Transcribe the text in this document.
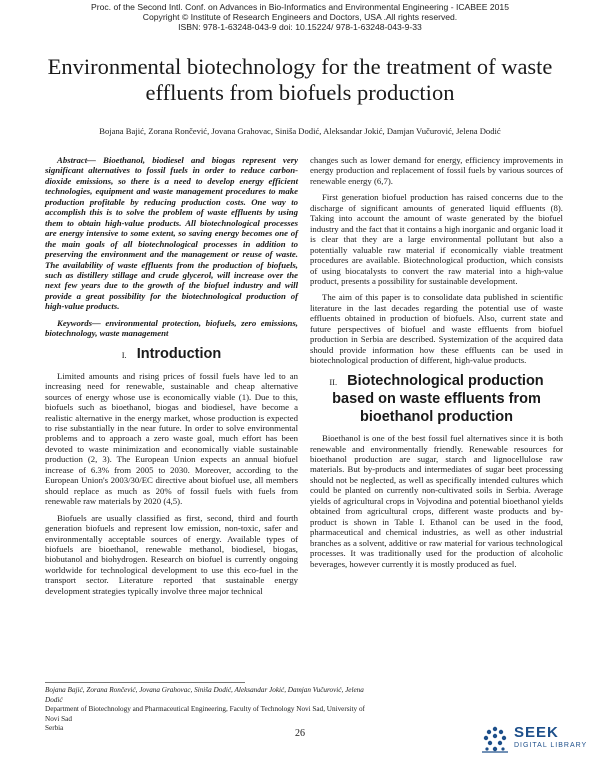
Proc. of the Second Intl. Conf. on Advances in Bio-Informatics and Environmental Engineering - ICABEE 2015
Copyright © Institute of Research Engineers and Doctors, USA .All rights reserved.
ISBN: 978-1-63248-043-9 doi: 10.15224/ 978-1-63248-043-9-33
Environmental biotechnology for the treatment of waste effluents from biofuels production
Bojana Bajić, Zorana Rončević, Jovana Grahovac, Siniša Dodić, Aleksandar Jokić, Damjan Vučurović, Jelena Dodić

Abstract— Bioethanol, biodiesel and biogas represent very significant alternatives to fossil fuels in order to reduce carbon-dioxide emissions, so there is a need to develop energy efficient technologies, equipment and waste management procedures to make production profitable by reducing production costs. One way to accomplish this is to solve the problem of waste effluents by using them to obtain high-value products. All biotechnological processes are energy intensive to some extent, so saving energy becomes one of the main goals of all biotechnological processes in addition to preserving the environment and the management or reuse of waste. The availability of waste effluents from the production of biofuels, such as distillery stillage and crude glycerol, will increase over the next few years due to the growth of the biofuel industry and will provide a great possibility for the biotechnological production of high-value products.

Keywords— environmental protection, biofuels, zero emissions, biotechnology, waste management

I. Introduction

Limited amounts and rising prices of fossil fuels have led to an increasing need for renewable, sustainable and cheap alternative sources of energy whose use is economically viable (1). Due to this, biofuels such as bioethanol, biogas and biodiesel, have become a realistic alternative in the energy market, whose production is expected to rise substantially in the near future. In order to solve environmental problems and to approach a zero waste goal, much effort has been devoted to waste minimization and economically viable sustainable production (2, 3). The European Union expects an annual biofuel increase of 6.3% from 2005 to 2030. Moreover, according to the European Union's 2003/30/EC directive about biofuel use, all members should replace as much as 20% of fossil fuels with fuels from renewable raw materials by 2020 (4,5).

Biofuels are usually classified as first, second, third and fourth generation biofuels and represent low emission, non-toxic, safer and environmentally acceptable sources of energy. Available types of biofuels are bioethanol, renewable methanol, biodiesel, biogas, biobutanol and biohydrogen. Research on biofuel is currently ongoing worldwide for technological development to use this eco-fuel in the transport sector. Literature reported that sustainable energy development strategies typically involve three major technical

changes such as lower demand for energy, efficiency improvements in energy production and replacement of fossil fuels by various sources of renewable energy (6,7).

First generation biofuel production has raised concerns due to the discharge of significant amounts of generated liquid effluents (8). Taking into account the amount of waste generated by the biofuel industry and the fact that it contains a high inorganic and organic load it is clear that they are a large environmental pollutant but also a potentially valuable raw material if economically viable treatment procedures are available. Biotechnological production, which consists of using biocatalysts to convert the raw material into a high-value product, presents a possibility for sustainable development.

The aim of this paper is to consolidate data published in scientific literature in the last decades regarding the potential use of waste effluents obtained in production of biofuels. Also, current state and future perspectives of biofuel and waste effluents from biofuel production in Serbia are described. Systemization of the acquired data should provide information how these effluents can be used in biotechnological production of different, high-value products.

II. Biotechnological production based on waste effluents from bioethanol production

Bioethanol is one of the best fossil fuel alternatives since it is both renewable and environmentally friendly. Renewable resources for bioethanol production are sugar, starch and lignocellulose raw materials. But by-products and intermediates of sugar beet processing should not be neglected, as well as specifically intended cultures which could be planted on currently non-cultivated soils in Serbia. Average yields of agricultural crops in Vojvodina and potential bioethanol yields obtained from agricultural crops, different waste products and by-product is shown in Table I. Ethanol can be used in the food, pharmaceutical and chemical industries, as well as other industrial branches as a solvent, additive or raw material for various technological processes. It was traditionally used for the production of alcoholic beverages, however currently it is mostly produced as fuel.

Bojana Bajić, Zorana Rončević, Jovana Grahovac, Siniša Dodić, Aleksandar Jokić, Damjan Vučurović, Jelena Dodić
Department of Biotechnology and Pharmaceutical Engineering, Faculty of Technology Novi Sad, University of Novi Sad
Serbia	26	SEEK
DIGITAL LIBRARY
